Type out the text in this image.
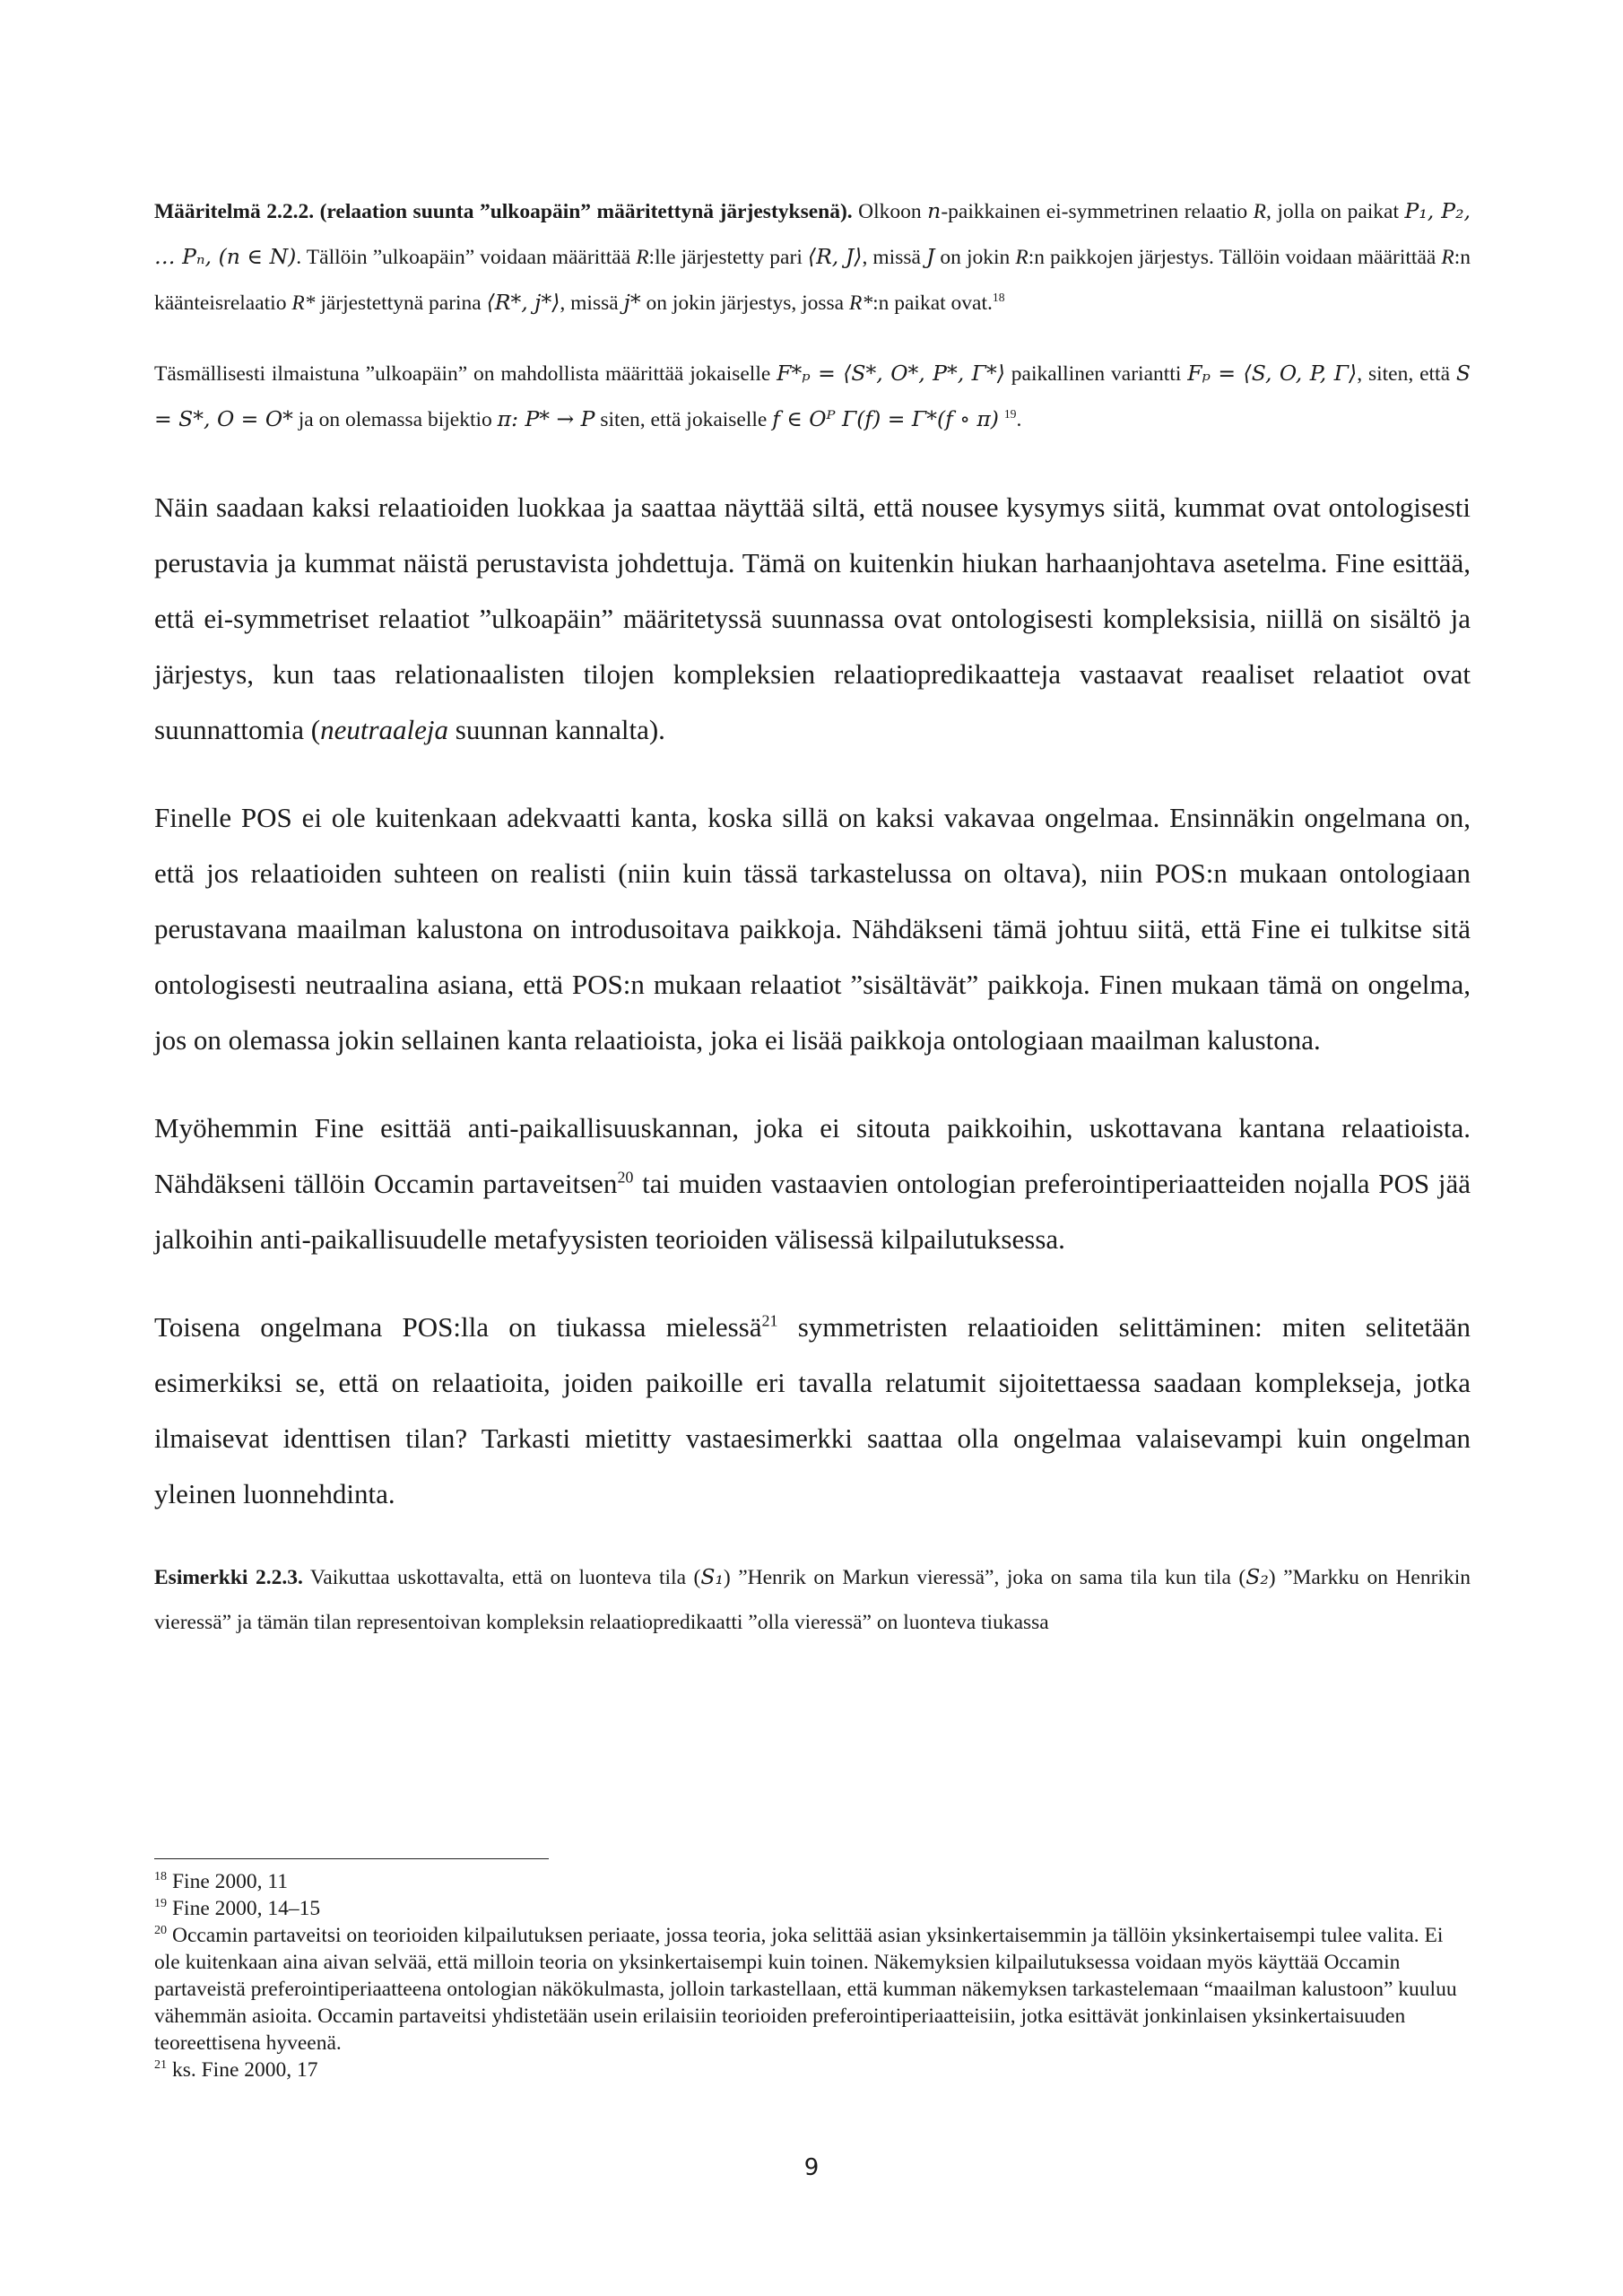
Määritelmä 2.2.2. (relaation suunta ”ulkoapäin” määritettynä järjestyksenä). Olkoon n-paikkainen ei-symmetrinen relaatio R, jolla on paikat P₁, P₂, … Pₙ, (n ∈ N). Tällöin ”ulkoapäin” voidaan määrittää R:lle järjestetty pari ⟨R, J⟩, missä J on jokin R:n paikkojen järjestys. Tällöin voidaan määrittää R:n käänteisrelaatio R* järjestettynä parina ⟨R*, j*⟩, missä j* on jokin järjestys, jossa R*:n paikat ovat.$^{18}$

Täsmällisesti ilmaistuna ”ulkoapäin” on mahdollista määrittää jokaiselle F*ₚ = ⟨S*, O*, P*, Γ*⟩ paikallinen variantti Fₚ = ⟨S, O, P, Γ⟩, siten, että S = S*, O = O* ja on olemassa bijektio π: P* → P siten, että jokaiselle f ∈ Oᴾ Γ(f) = Γ*(f ∘ π) $^{19}$.

Näin saadaan kaksi relaatioiden luokkaa ja saattaa näyttää siltä, että nousee kysymys siitä, kummat ovat ontologisesti perustavia ja kummat näistä perustavista johdettuja. Tämä on kuitenkin hiukan harhaanjohtava asetelma. Fine esittää, että ei-symmetriset relaatiot ”ulkoapäin” määritetyssä suunnassa ovat ontologisesti kompleksisia, niillä on sisältö ja järjestys, kun taas relationaalisten tilojen kompleksien relaatiopredikaatteja vastaavat reaaliset relaatiot ovat suunnattomia (neutraaleja suunnan kannalta).

Finelle POS ei ole kuitenkaan adekvaatti kanta, koska sillä on kaksi vakavaa ongelmaa. Ensinnäkin ongelmana on, että jos relaatioiden suhteen on realisti (niin kuin tässä tarkastelussa on oltava), niin POS:n mukaan ontologiaan perustavana maailman kalustona on introdusoitava paikkoja. Nähdäkseni tämä johtuu siitä, että Fine ei tulkitse sitä ontologisesti neutraalina asiana, että POS:n mukaan relaatiot ”sisältävät” paikkoja. Finen mukaan tämä on ongelma, jos on olemassa jokin sellainen kanta relaatioista, joka ei lisää paikkoja ontologiaan maailman kalustona.

Myöhemmin Fine esittää anti-paikallisuuskannan, joka ei sitouta paikkoihin, uskottavana kantana relaatioista. Nähdäkseni tällöin Occamin partaveitsen$^{20}$ tai muiden vastaavien ontologian preferointiperiaatteiden nojalla POS jää jalkoihin anti-paikallisuudelle metafyysisten teorioiden välisessä kilpailutuksessa.

Toisena ongelmana POS:lla on tiukassa mielessä$^{21}$ symmetristen relaatioiden selittäminen: miten selitetään esimerkiksi se, että on relaatioita, joiden paikoille eri tavalla relatumit sijoitettaessa saadaan komplekseja, jotka ilmaisevat identtisen tilan? Tarkasti mietitty vastaesimerkki saattaa olla ongelmaa valaisevampi kuin ongelman yleinen luonnehdinta.

Esimerkki 2.2.3. Vaikuttaa uskottavalta, että on luonteva tila (S₁) ”Henrik on Markun vieressä”, joka on sama tila kun tila (S₂) ”Markku on Henrikin vieressä” ja tämän tilan representoivan kompleksin relaatiopredikaatti ”olla vieressä” on luonteva tiukassa

$^{18}$ Fine 2000, 11

$^{19}$ Fine 2000, 14–15

$^{20}$ Occamin partaveitsi on teorioiden kilpailutuksen periaate, jossa teoria, joka selittää asian yksinkertaisemmin ja tällöin yksinkertaisempi tulee valita. Ei ole kuitenkaan aina aivan selvää, että milloin teoria on yksinkertaisempi kuin toinen. Näkemyksien kilpailutuksessa voidaan myös käyttää Occamin partaveistä preferointiperiaatteena ontologian näkökulmasta, jolloin tarkastellaan, että kumman näkemyksen tarkastelemaan “maailman kalustoon” kuuluu vähemmän asioita. Occamin partaveitsi yhdistetään usein erilaisiin teorioiden preferointiperiaatteisiin, jotka esittävät jonkinlaisen yksinkertaisuuden teoreettisena hyveenä.

$^{21}$ ks. Fine 2000, 17

9
